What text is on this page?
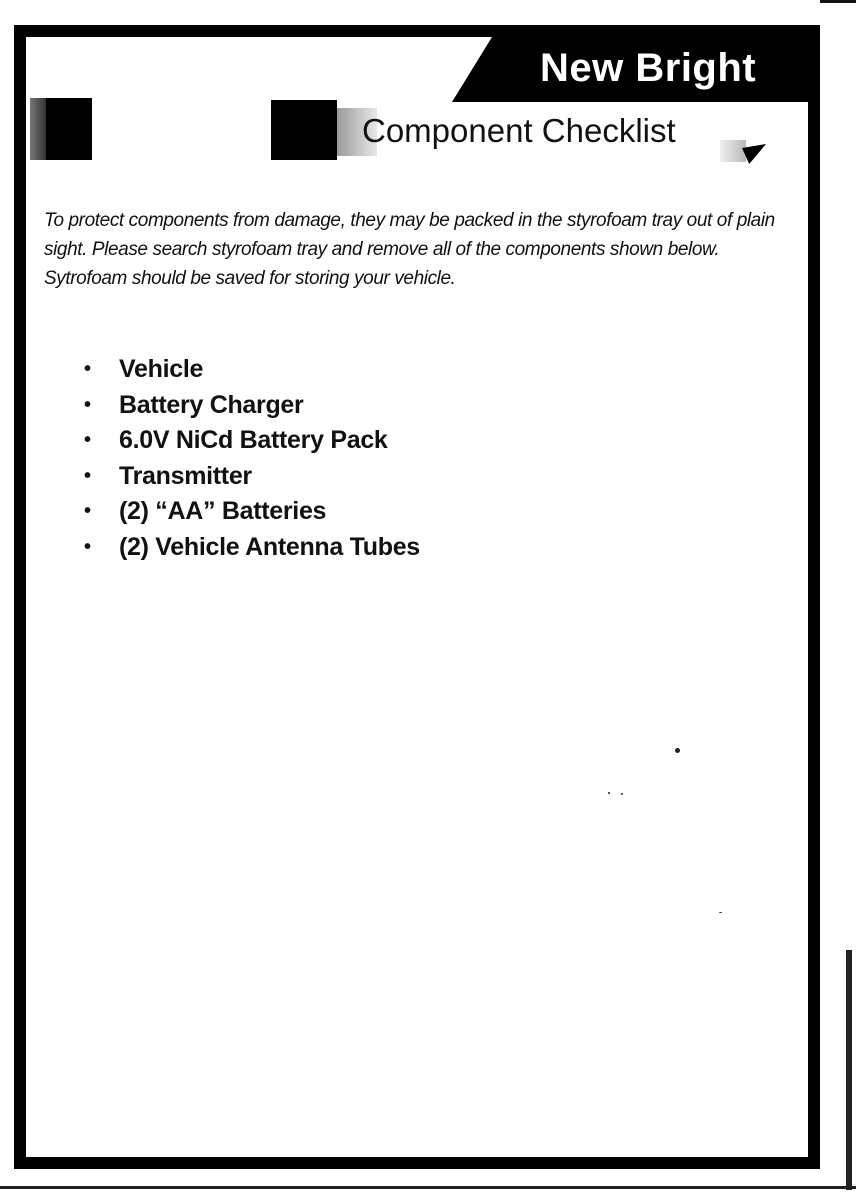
New Bright
Component Checklist

To protect components from damage, they may be packed in the styrofoam tray out of plain sight. Please search styrofoam tray and remove all of the components shown below. Sytrofoam should be saved for storing your vehicle.

•	Vehicle
•	Battery Charger
•	6.0V NiCd Battery Pack
•	Transmitter
•	(2) “AA” Batteries
•	(2) Vehicle Antenna Tubes
